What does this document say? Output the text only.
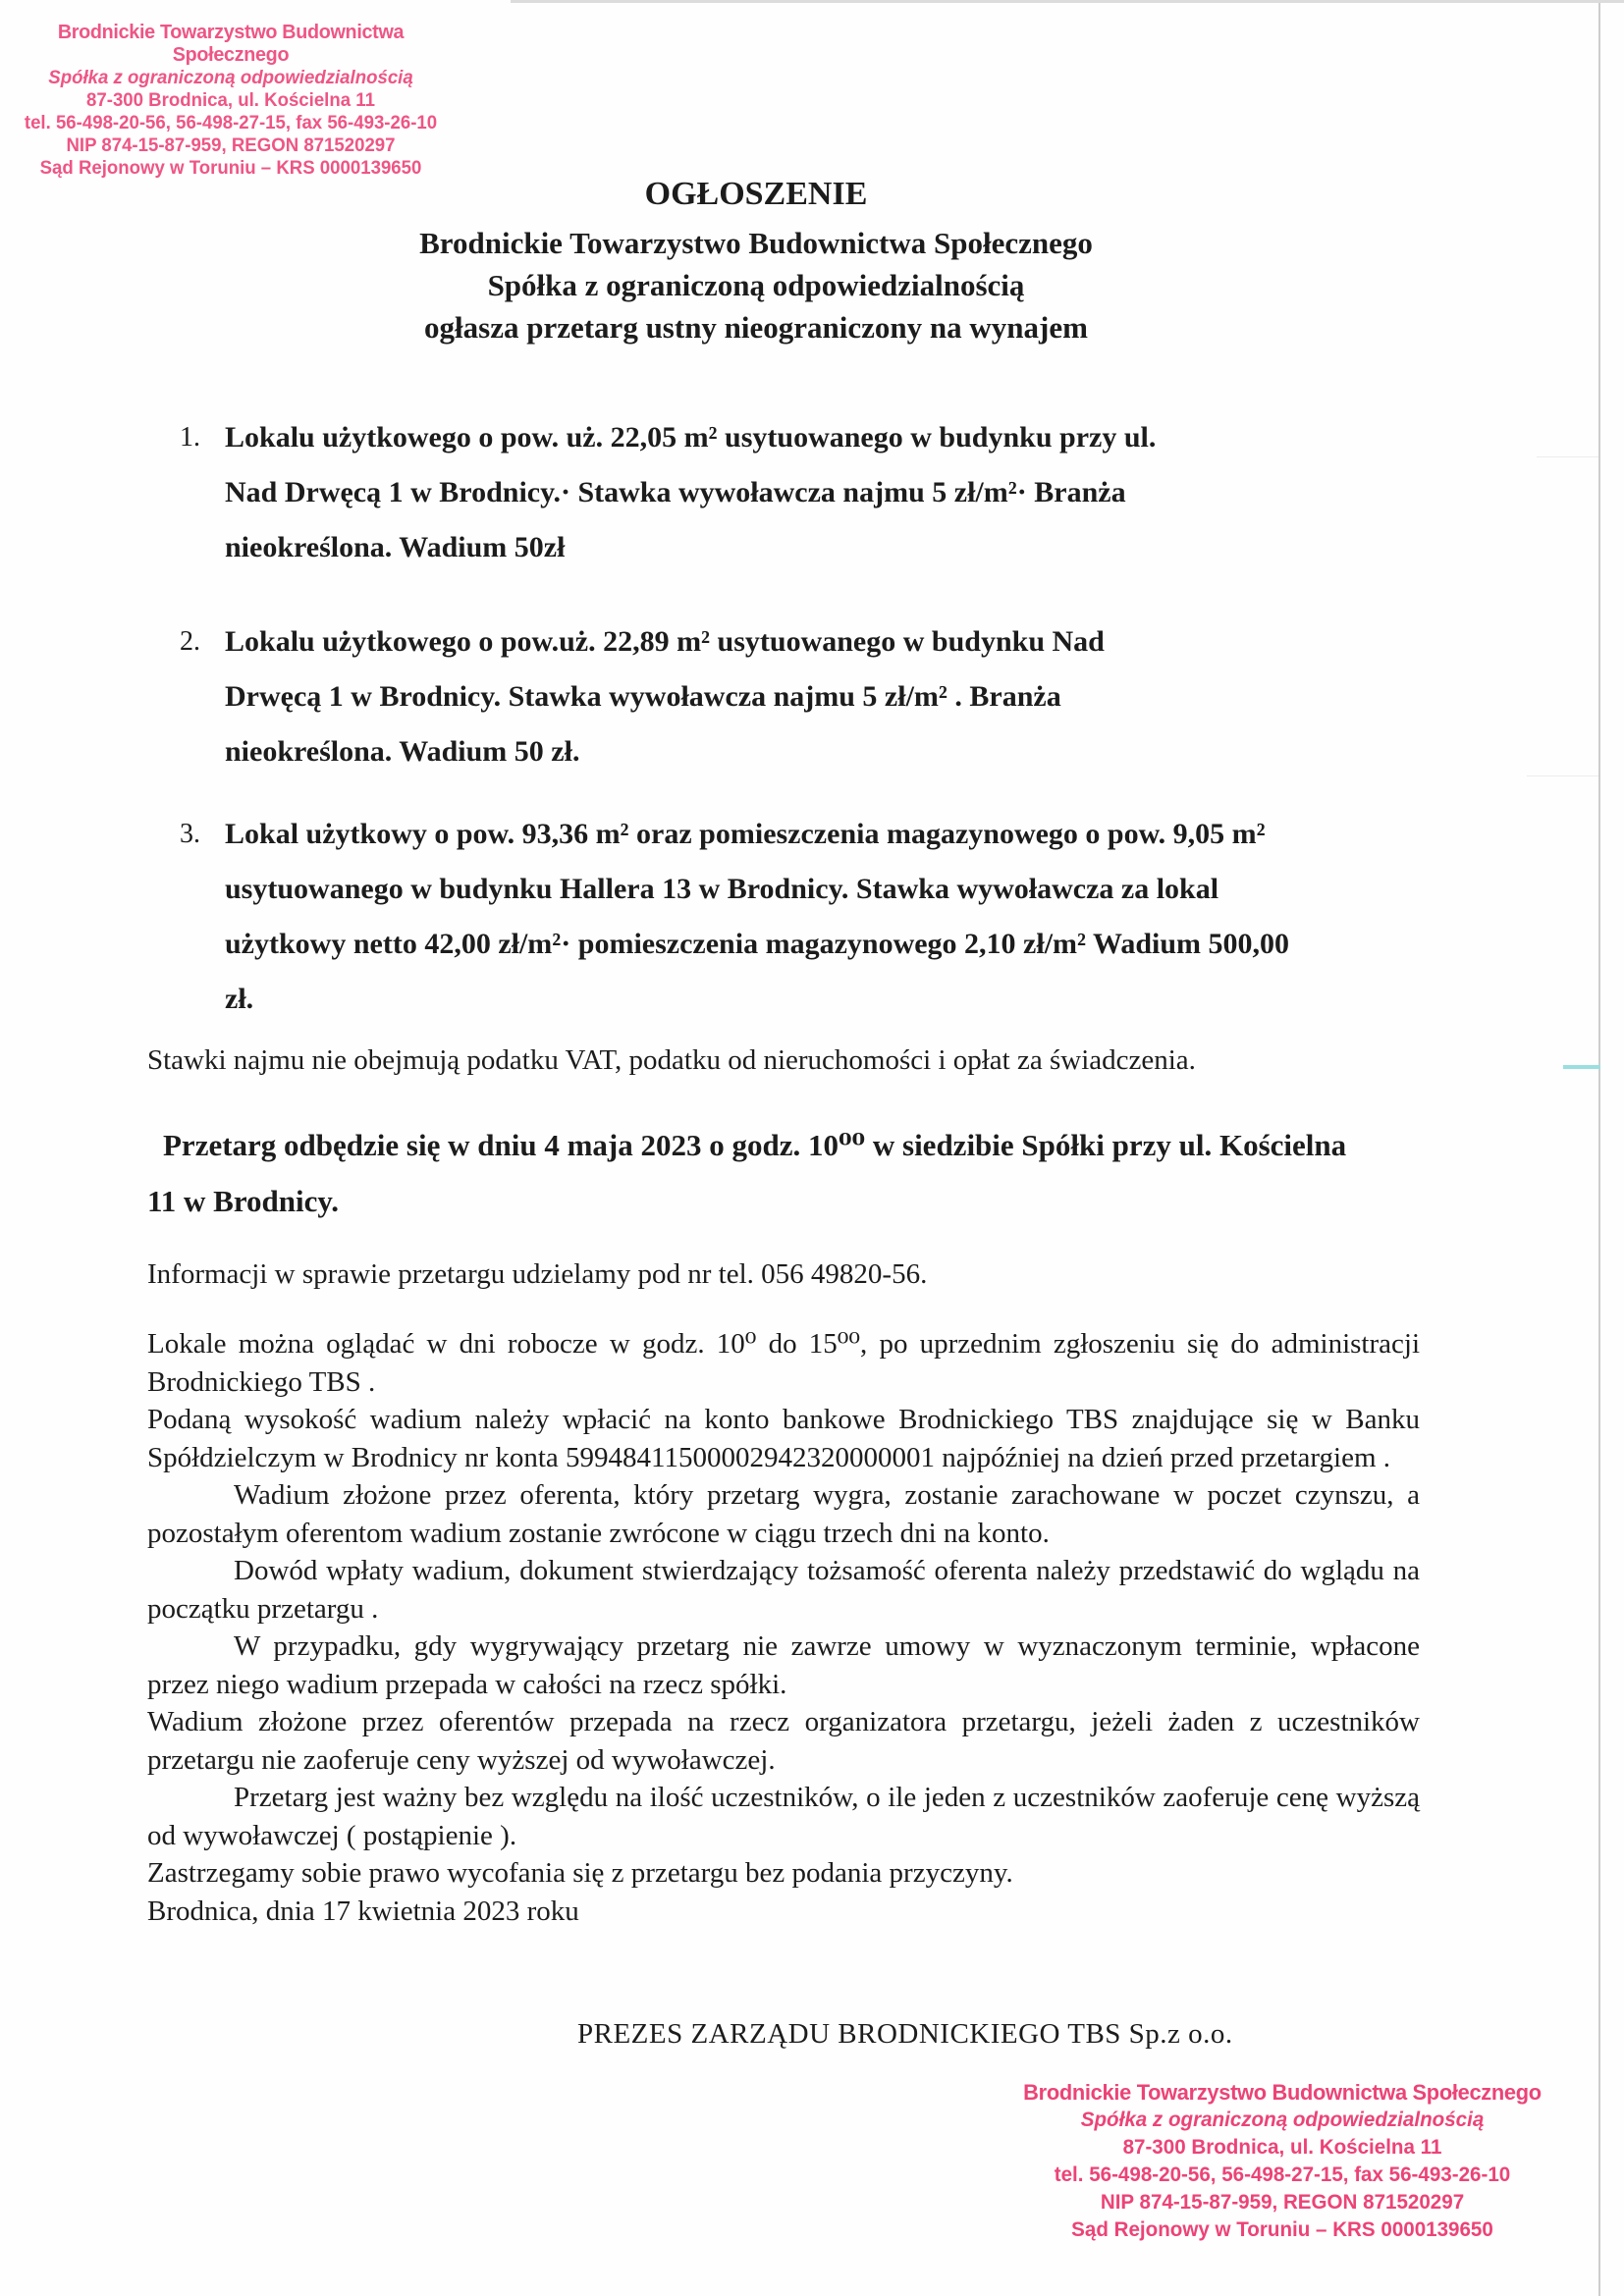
Brodnickie Towarzystwo Budownictwa Społecznego
Spółka z ograniczoną odpowiedzialnością
87-300 Brodnica, ul. Kościelna 11
tel. 56-498-20-56, 56-498-27-15, fax 56-493-26-10
NIP 874-15-87-959, REGON 871520297
Sąd Rejonowy w Toruniu – KRS 0000139650
OGŁOSZENIE
Brodnickie Towarzystwo Budownictwa Społecznego
Spółka z ograniczoną odpowiedzialnością
ogłasza przetarg ustny nieograniczony na wynajem
1. Lokalu użytkowego o pow. uż. 22,05 m² usytuowanego w budynku przy ul. Nad Drwęcą 1 w Brodnicy.· Stawka wywoławcza najmu 5 zł/m²· Branża nieokreślona. Wadium 50zł
2. Lokalu użytkowego o pow.uż. 22,89 m² usytuowanego w budynku Nad Drwęcą 1 w Brodnicy. Stawka wywoławcza najmu 5 zł/m² . Branża nieokreślona. Wadium 50 zł.
3. Lokal użytkowy o pow. 93,36 m² oraz pomieszczenia magazynowego o pow. 9,05 m² usytuowanego w budynku Hallera 13 w Brodnicy. Stawka wywoławcza za lokal użytkowy netto 42,00 zł/m²· pomieszczenia magazynowego 2,10 zł/m² Wadium 500,00 zł.
Stawki najmu nie obejmują podatku VAT, podatku od nieruchomości i opłat za świadczenia.
Przetarg odbędzie się w dniu 4 maja 2023 o godz. 10⁰⁰ w siedzibie Spółki przy ul. Kościelna 11 w Brodnicy.
Informacji w sprawie przetargu udzielamy pod nr tel. 056 49820-56.

Lokale można oglądać w dni robocze w godz. 10⁰ do 15⁰⁰, po uprzednim zgłoszeniu się do administracji Brodnickiego TBS .

Podaną wysokość wadium należy wpłacić na konto bankowe Brodnickiego TBS znajdujące się w Banku Spółdzielczym w Brodnicy nr konta 59948411500002942320000001 najpóźniej na dzień przed przetargiem .

Wadium złożone przez oferenta, który przetarg wygra, zostanie zarachowane w poczet czynszu, a pozostałym oferentom wadium zostanie zwrócone w ciągu trzech dni na konto.

Dowód wpłaty wadium, dokument stwierdzający tożsamość oferenta należy przedstawić do wglądu na początku przetargu .

W przypadku, gdy wygrywający przetarg nie zawrze umowy w wyznaczonym terminie, wpłacone przez niego wadium przepada w całości na rzecz spółki.

Wadium złożone przez oferentów przepada na rzecz organizatora przetargu, jeżeli żaden z uczestników przetargu nie zaoferuje ceny wyższej od wywoławczej.

Przetarg jest ważny bez względu na ilość uczestników, o ile jeden z uczestników zaoferuje cenę wyższą od wywoławczej ( postąpienie ).

Zastrzegamy sobie prawo wycofania się z przetargu bez podania przyczyny.

Brodnica, dnia 17 kwietnia 2023 roku

PREZES ZARZĄDU BRODNICKIEGO TBS Sp.z o.o.
Brodnickie Towarzystwo Budownictwa Społecznego
Spółka z ograniczoną odpowiedzialnością
87-300 Brodnica, ul. Kościelna 11
tel. 56-498-20-56, 56-498-27-15, fax 56-493-26-10
NIP 874-15-87-959, REGON 871520297
Sąd Rejonowy w Toruniu – KRS 0000139650
